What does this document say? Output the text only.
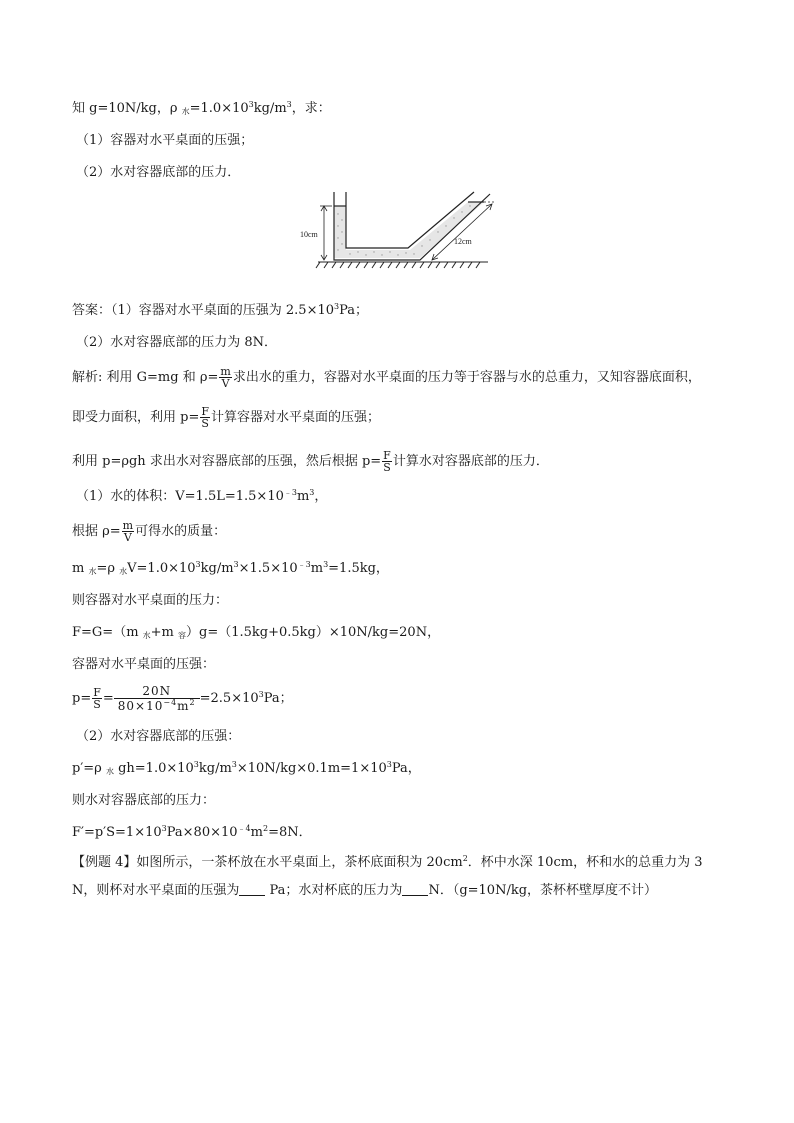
知 g=10N/kg，ρ $_水=1.0\times 10^3kg/m^3$，求：
（1）容器对水平桌面的压强；
（2）水对容器底部的压力．
10cm
12cm
答案：（1）容器对水平桌面的压强为 $2.5\times 10^3Pa$；
（2）水对容器底部的压力为 8N．
解析: 利用 G=mg 和 $\rho= \frac{m}{V}$ 求出水的重力，容器对水平桌面的压力等于容器与水的总重力，又知容器底面积，
即受力面积，利用 $p= \frac{F}{S}$ 计算容器对水平桌面的压强；
利用 p=ρgh 求出水对容器底部的压强，然后根据 $p= \frac{F}{S}$ 计算水对容器底部的压力．
（1）水的体积：$V=1.5L=1.5\times 10^{﹣3}m^3$，
根据 $\rho= \frac{m}{V}$ 可得水的质量：
m $_水$=ρ $_水V=1.0\times 10^3kg/m^3\times 1.5\times 10^{﹣3}m^3=1.5kg$，
则容器对水平桌面的压力：
F=G=（m $_水$+m $_容$）g=（1.5kg+0.5kg）×10N/kg=20N，
容器对水平桌面的压强：
$p= \frac{F}{S} = \frac{20N}{80\times 10^{-4}m^2} =2.5\times 10^3Pa$；
（2）水对容器底部的压强：
p′=ρ $_水$ $gh=1.0\times 10^3kg/m^3\times 10N/kg\times 0.1m=1\times 10^3Pa$，
则水对容器底部的压力：
$F'=p'S=1\times 10^3Pa\times 80\times 10^{﹣4}m^2=8N$．
【例题 4】如图所示，一茶杯放在水平桌面上，茶杯底面积为 $20cm^2$．杯中水深 10cm，杯和水的总重力为 3
N，则杯对水平桌面的压强为 Pa；水对杯底的压力为 N．（g=10N/kg，茶杯杯壁厚度不计）
